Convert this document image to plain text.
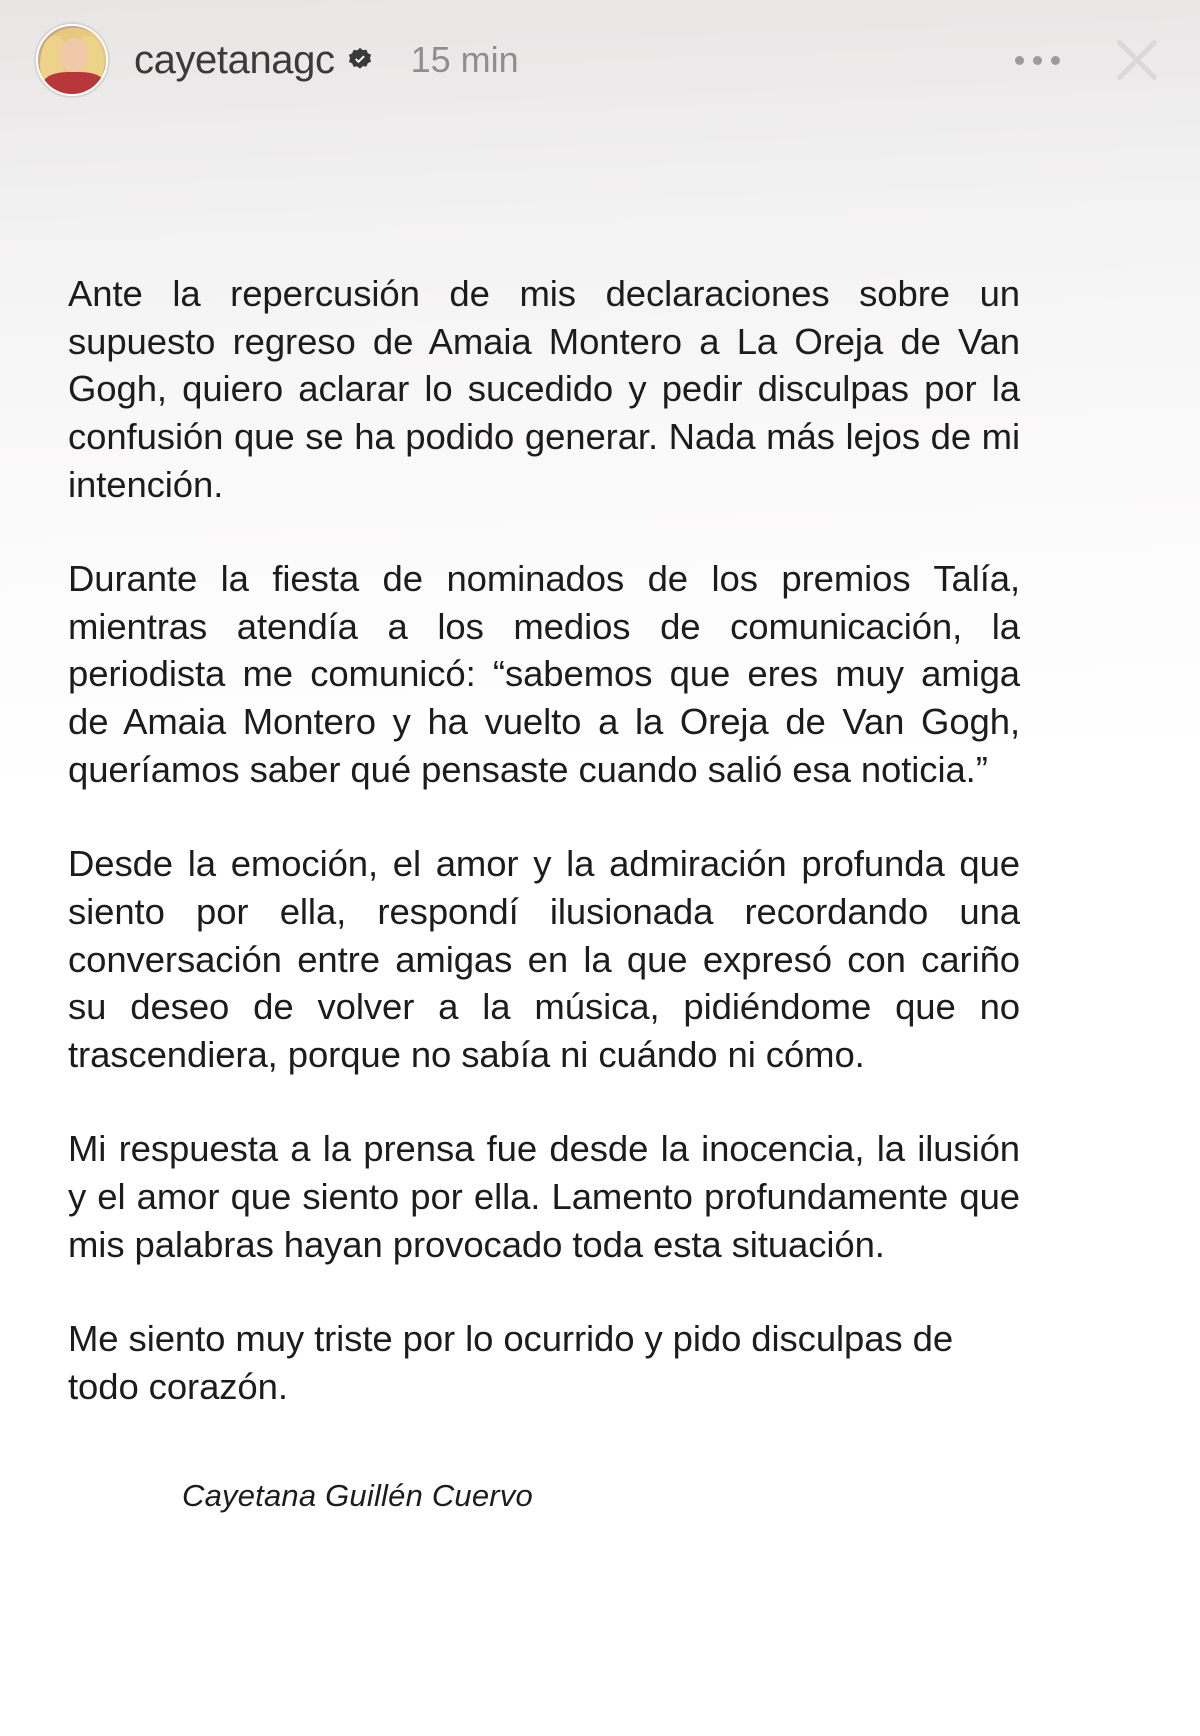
cayetanagc 15 min

Ante la repercusión de mis declaraciones sobre un supuesto regreso de Amaia Montero a La Oreja de Van Gogh, quiero aclarar lo sucedido y pedir disculpas por la confusión que se ha podido generar. Nada más lejos de mi intención.

Durante la fiesta de nominados de los premios Talía, mientras atendía a los medios de comunicación, la periodista me comunicó: “sabemos que eres muy amiga de Amaia Montero y ha vuelto a la Oreja de Van Gogh, queríamos saber qué pensaste cuando salió esa noticia.”

Desde la emoción, el amor y la admiración profunda que siento por ella, respondí ilusionada recordando una conversación entre amigas en la que expresó con cariño su deseo de volver a la música, pidiéndome que no trascendiera, porque no sabía ni cuándo ni cómo.

Mi respuesta a la prensa fue desde la inocencia, la ilusión y el amor que siento por ella. Lamento profundamente que mis palabras hayan provocado toda esta situación.

Me siento muy triste por lo ocurrido y pido disculpas de todo corazón.

Cayetana Guillén Cuervo
